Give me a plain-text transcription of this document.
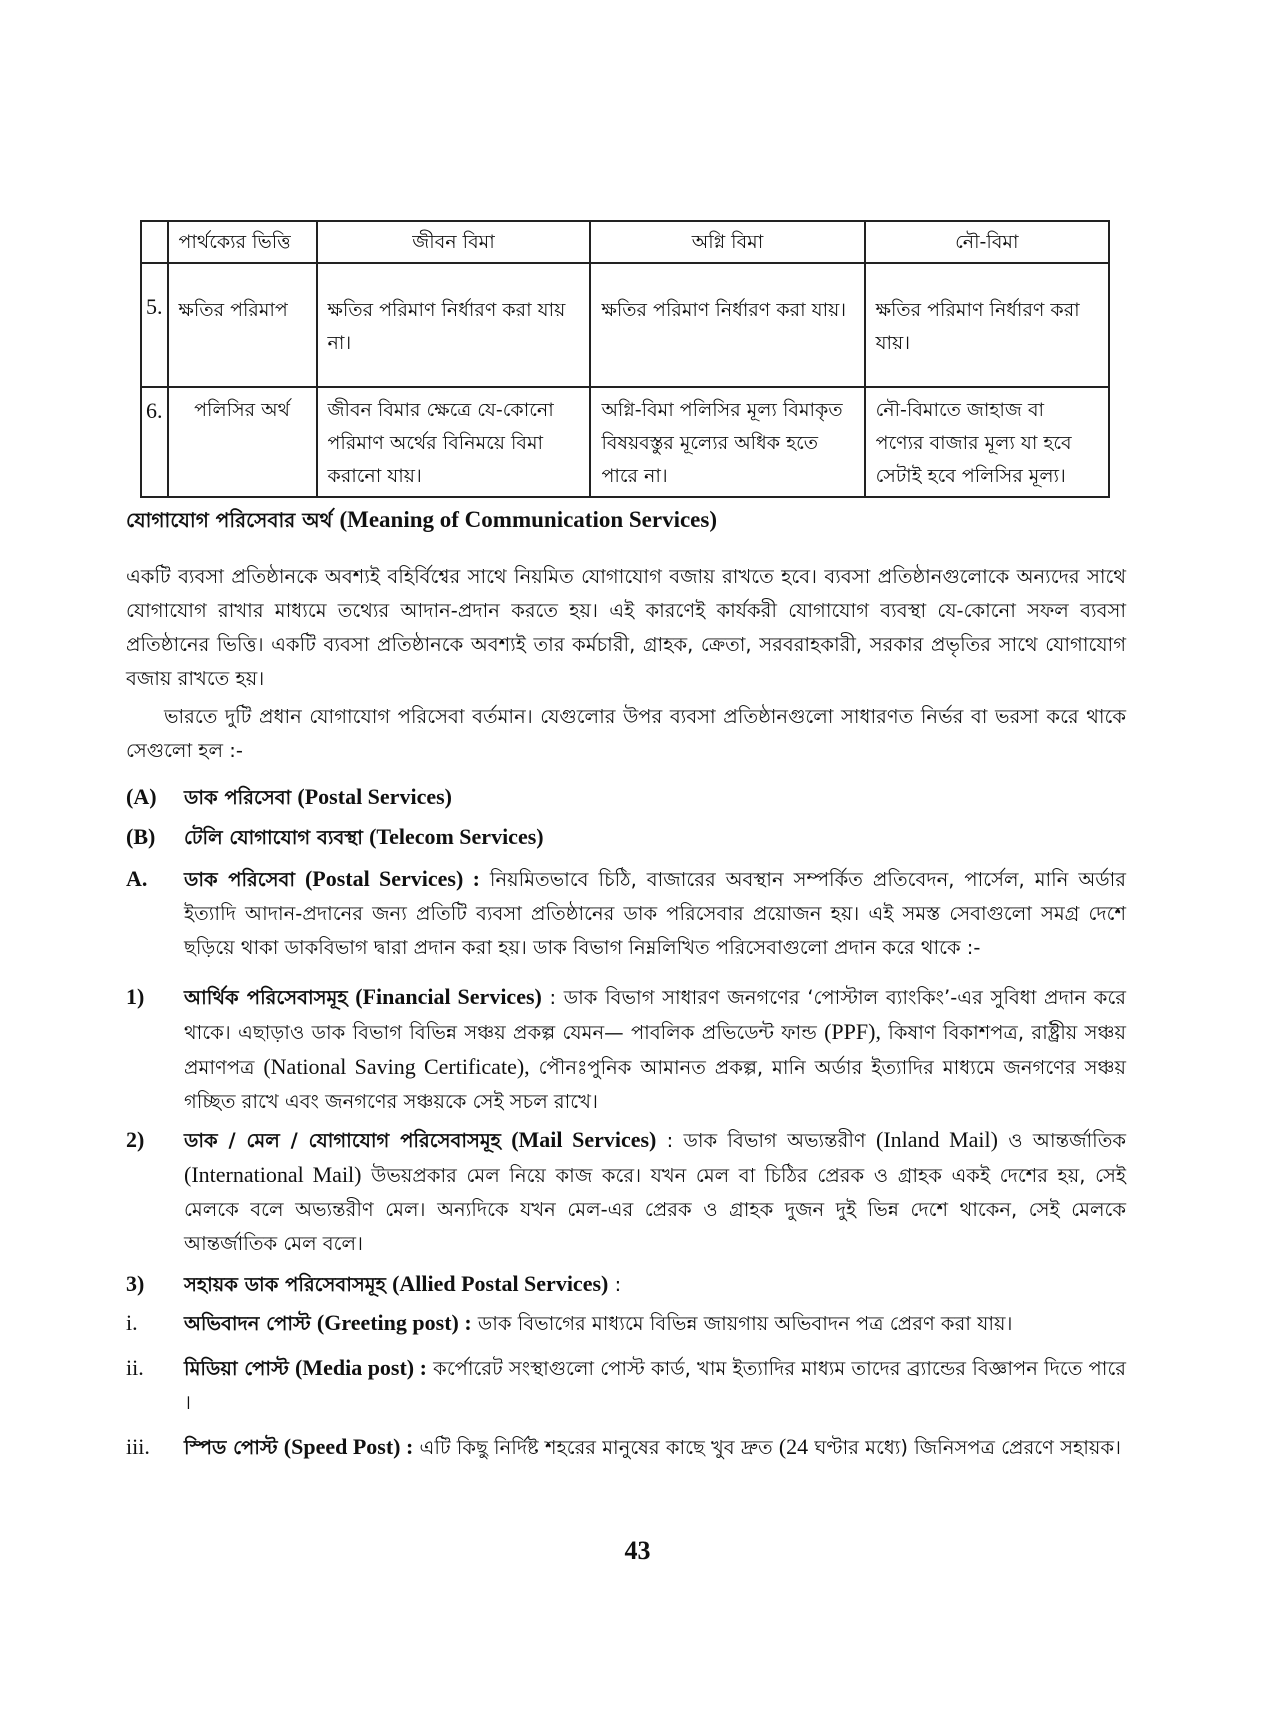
	পার্থক্যের ভিত্তি	জীবন বিমা	অগ্নি বিমা	নৌ-বিমা
5.	ক্ষতির পরিমাপ	ক্ষতির পরিমাণ নির্ধারণ করা যায় না।	ক্ষতির পরিমাণ নির্ধারণ করা যায়।	ক্ষতির পরিমাণ নির্ধারণ করা যায়।
6.	পলিসির অর্থ	জীবন বিমার ক্ষেত্রে যে-কোনো পরিমাণ অর্থের বিনিময়ে বিমা করানো যায়।	অগ্নি-বিমা পলিসির মূল্য বিমাকৃত বিষয়বস্তুর মূল্যের অধিক হতে পারে না।	নৌ-বিমাতে জাহাজ বা পণ্যের বাজার মূল্য যা হবে সেটাই হবে পলিসির মূল্য।
যোগাযোগ পরিসেবার অর্থ (Meaning of Communication Services)
একটি ব্যবসা প্রতিষ্ঠানকে অবশ্যই বহির্বিশ্বের সাথে নিয়মিত যোগাযোগ বজায় রাখতে হবে। ব্যবসা প্রতিষ্ঠানগুলোকে অন্যদের সাথে যোগাযোগ রাখার মাধ্যমে তথ্যের আদান-প্রদান করতে হয়। এই কারণেই কার্যকরী যোগাযোগ ব্যবস্থা যে-কোনো সফল ব্যবসা প্রতিষ্ঠানের ভিত্তি। একটি ব্যবসা প্রতিষ্ঠানকে অবশ্যই তার কর্মচারী, গ্রাহক, ক্রেতা, সরবরাহকারী, সরকার প্রভৃতির সাথে যোগাযোগ বজায় রাখতে হয়।
ভারতে দুটি প্রধান যোগাযোগ পরিসেবা বর্তমান। যেগুলোর উপর ব্যবসা প্রতিষ্ঠানগুলো সাধারণত নির্ভর বা ভরসা করে থাকে সেগুলো হল :-
(A) ডাক পরিসেবা (Postal Services)
(B) টেলি যোগাযোগ ব্যবস্থা (Telecom Services)
A. ডাক পরিসেবা (Postal Services) : নিয়মিতভাবে চিঠি, বাজারের অবস্থান সম্পর্কিত প্রতিবেদন, পার্সেল, মানি অর্ডার ইত্যাদি আদান-প্রদানের জন্য প্রতিটি ব্যবসা প্রতিষ্ঠানের ডাক পরিসেবার প্রয়োজন হয়। এই সমস্ত সেবাগুলো সমগ্র দেশে ছড়িয়ে থাকা ডাকবিভাগ দ্বারা প্রদান করা হয়। ডাক বিভাগ নিম্নলিখিত পরিসেবাগুলো প্রদান করে থাকে :-
1) আর্থিক পরিসেবাসমূহ (Financial Services) : ডাক বিভাগ সাধারণ জনগণের ‘পোস্টাল ব্যাংকিং’-এর সুবিধা প্রদান করে থাকে। এছাড়াও ডাক বিভাগ বিভিন্ন সঞ্চয় প্রকল্প যেমন— পাবলিক প্রভিডেন্ট ফান্ড (PPF), কিষাণ বিকাশপত্র, রাষ্ট্রীয় সঞ্চয় প্রমাণপত্র (National Saving Certificate), পৌনঃপুনিক আমানত প্রকল্প, মানি অর্ডার ইত্যাদির মাধ্যমে জনগণের সঞ্চয় গচ্ছিত রাখে এবং জনগণের সঞ্চয়কে সেই সচল রাখে।
2) ডাক / মেল / যোগাযোগ পরিসেবাসমূহ (Mail Services) : ডাক বিভাগ অভ্যন্তরীণ (Inland Mail) ও আন্তর্জাতিক (International Mail) উভয়প্রকার মেল নিয়ে কাজ করে। যখন মেল বা চিঠির প্রেরক ও গ্রাহক একই দেশের হয়, সেই মেলকে বলে অভ্যন্তরীণ মেল। অন্যদিকে যখন মেল-এর প্রেরক ও গ্রাহক দুজন দুই ভিন্ন দেশে থাকেন, সেই মেলকে আন্তর্জাতিক মেল বলে।
3) সহায়ক ডাক পরিসেবাসমূহ (Allied Postal Services) :
i. অভিবাদন পোস্ট (Greeting post) : ডাক বিভাগের মাধ্যমে বিভিন্ন জায়গায় অভিবাদন পত্র প্রেরণ করা যায়।
ii. মিডিয়া পোস্ট (Media post) : কর্পোরেট সংস্থাগুলো পোস্ট কার্ড, খাম ইত্যাদির মাধ্যম তাদের ব্র্যান্ডের বিজ্ঞাপন দিতে পারে ।
iii. স্পিড পোস্ট (Speed Post) : এটি কিছু নির্দিষ্ট শহরের মানুষের কাছে খুব দ্রুত (24 ঘণ্টার মধ্যে) জিনিসপত্র প্রেরণে সহায়ক।
43
